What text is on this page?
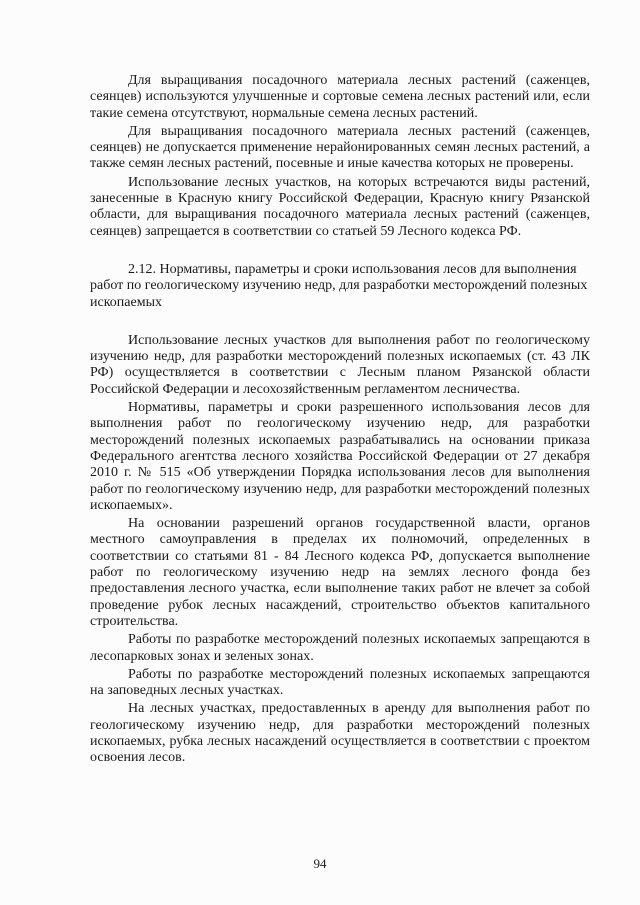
Для выращивания посадочного материала лесных растений (саженцев, сеянцев) используются улучшенные и сортовые семена лесных растений или, если такие семена отсутствуют, нормальные семена лесных растений.

Для выращивания посадочного материала лесных растений (саженцев, сеянцев) не допускается применение нерайонированных семян лесных растений, а также семян лесных растений, посевные и иные качества которых не проверены.

Использование лесных участков, на которых встречаются виды растений, занесенные в Красную книгу Российской Федерации, Красную книгу Рязанской области, для выращивания посадочного материала лесных растений (саженцев, сеянцев) запрещается в соответствии со статьей 59 Лесного кодекса РФ.

2.12. Нормативы, параметры и сроки использования лесов для выполнения работ по геологическому изучению недр, для разработки месторождений полезных ископаемых

Использование лесных участков для выполнения работ по геологическому изучению недр, для разработки месторождений полезных ископаемых (ст. 43 ЛК РФ) осуществляется в соответствии с Лесным планом Рязанской области Российской Федерации и лесохозяйственным регламентом лесничества.

Нормативы, параметры и сроки разрешенного использования лесов для выполнения работ по геологическому изучению недр, для разработки месторождений полезных ископаемых разрабатывались на основании приказа Федерального агентства лесного хозяйства Российской Федерации от 27 декабря 2010 г. № 515 «Об утверждении Порядка использования лесов для выполнения работ по геологическому изучению недр, для разработки месторождений полезных ископаемых».

На основании разрешений органов государственной власти, органов местного самоуправления в пределах их полномочий, определенных в соответствии со статьями 81 - 84 Лесного кодекса РФ, допускается выполнение работ по геологическому изучению недр на землях лесного фонда без предоставления лесного участка, если выполнение таких работ не влечет за собой проведение рубок лесных насаждений, строительство объектов капитального строительства.

Работы по разработке месторождений полезных ископаемых запрещаются в лесопарковых зонах и зеленых зонах.

Работы по разработке месторождений полезных ископаемых запрещаются на заповедных лесных участках.

На лесных участках, предоставленных в аренду для выполнения работ по геологическому изучению недр, для разработки месторождений полезных ископаемых, рубка лесных насаждений осуществляется в соответствии с проектом освоения лесов.

94
